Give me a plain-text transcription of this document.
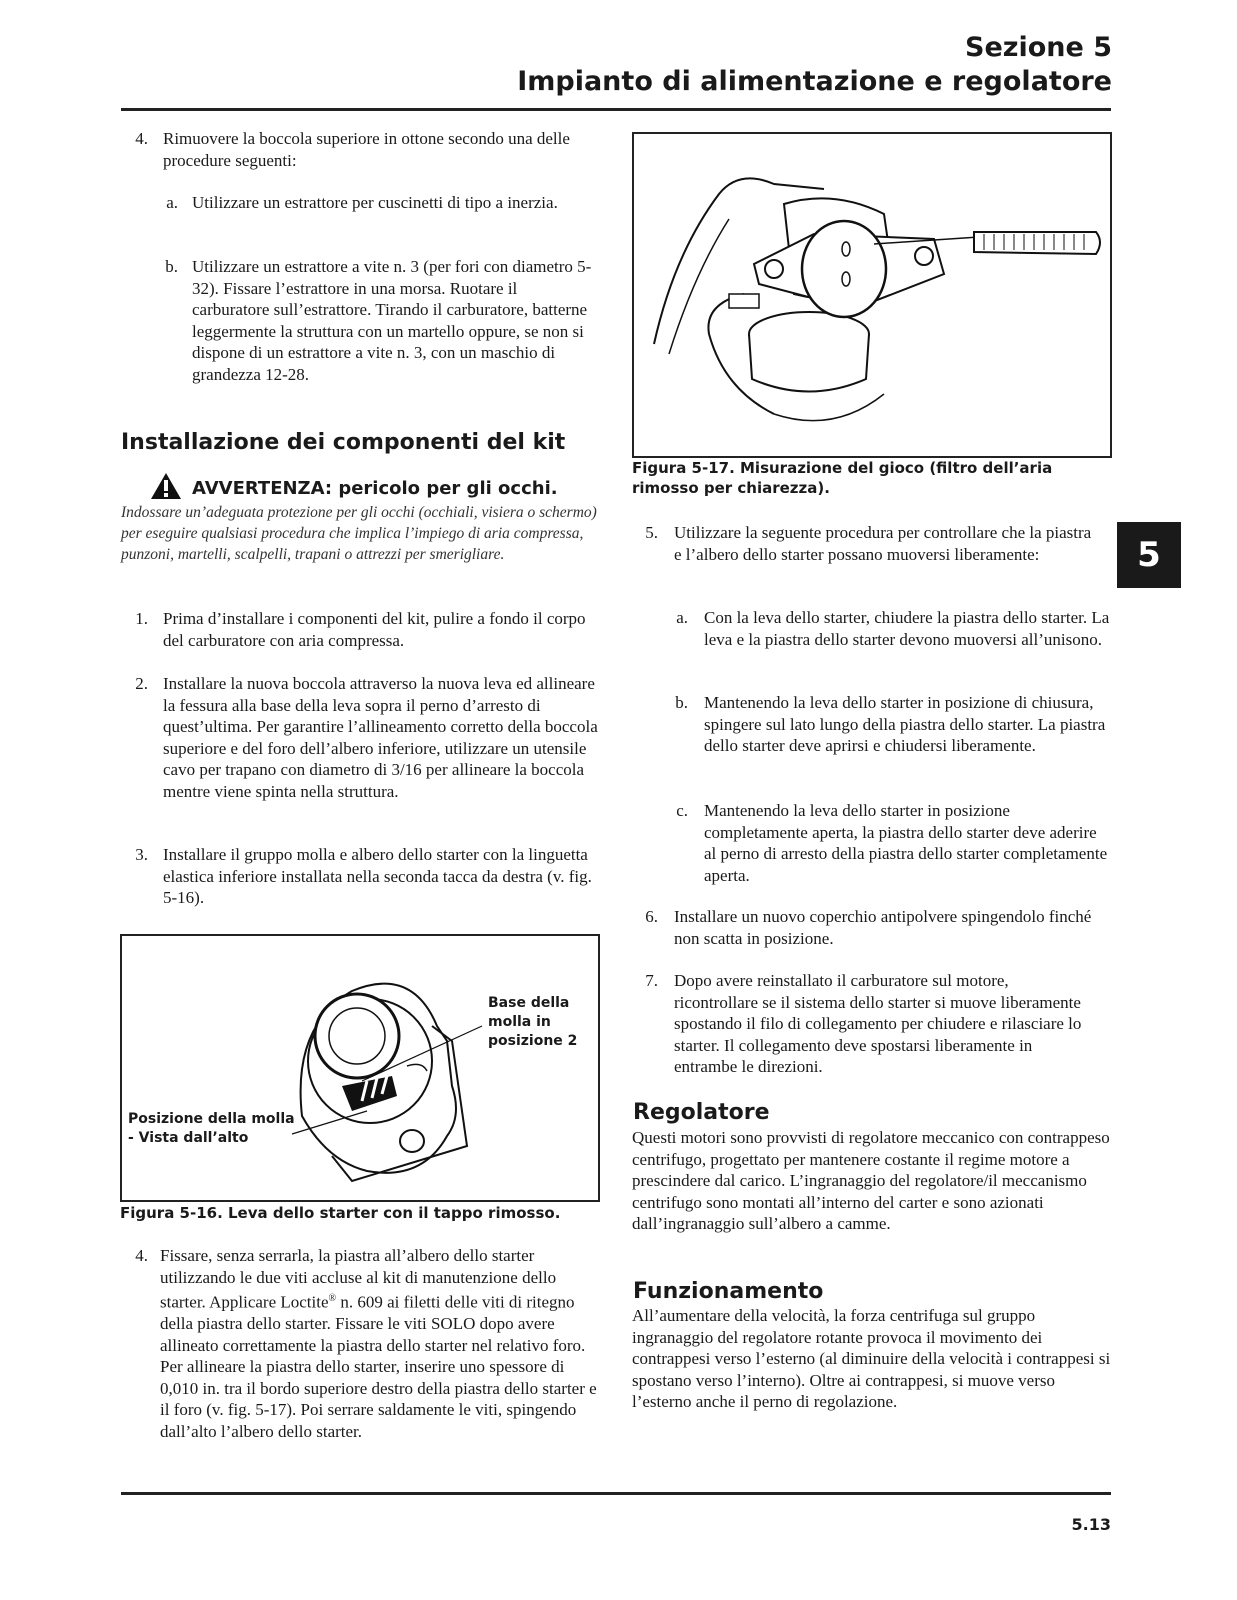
Sezione 5
Impianto di alimentazione e regolatore
4. Rimuovere la boccola superiore in ottone secondo una delle procedure seguenti:
a. Utilizzare un estrattore per cuscinetti di tipo a inerzia.
b. Utilizzare un estrattore a vite n. 3 (per fori con diametro 5-32). Fissare l’estrattore in una morsa. Ruotare il carburatore sull’estrattore. Tirando il carburatore, batterne leggermente la struttura con un martello oppure, se non si dispone di un estrattore a vite n. 3, con un maschio di grandezza 12-28.
Installazione dei componenti del kit
AVVERTENZA: pericolo per gli occhi.
Indossare un’adeguata protezione per gli occhi (occhiali, visiera o schermo) per eseguire qualsiasi procedura che implica l’impiego di aria compressa, punzoni, martelli, scalpelli, trapani o attrezzi per smerigliare.
1. Prima d’installare i componenti del kit, pulire a fondo il corpo del carburatore con aria compressa.
2. Installare la nuova boccola attraverso la nuova leva ed allineare la fessura alla base della leva sopra il perno d’arresto di quest’ultima. Per garantire l’allineamento corretto della boccola superiore e del foro dell’albero inferiore, utilizzare un utensile cavo per trapano con diametro di 3/16 per allineare la boccola mentre viene spinta nella struttura.
3. Installare il gruppo molla e albero dello starter con la linguetta elastica inferiore installata nella seconda tacca da destra (v. fig. 5-16).
Base della molla in posizione 2
Posizione della molla - Vista dall’alto
Figura 5-16. Leva dello starter con il tappo rimosso.
4. Fissare, senza serrarla, la piastra all’albero dello starter utilizzando le due viti accluse al kit di manutenzione dello starter. Applicare Loctite® n. 609 ai filetti delle viti di ritegno della piastra dello starter. Fissare le viti SOLO dopo avere allineato correttamente la piastra dello starter nel relativo foro. Per allineare la piastra dello starter, inserire uno spessore di 0,010 in. tra il bordo superiore destro della piastra dello starter e il foro (v. fig. 5-17). Poi serrare saldamente le viti, spingendo dall’alto l’albero dello starter.
Figura 5-17. Misurazione del gioco (filtro dell’aria rimosso per chiarezza).
5. Utilizzare la seguente procedura per controllare che la piastra e l’albero dello starter possano muoversi liberamente:
a. Con la leva dello starter, chiudere la piastra dello starter. La leva e la piastra dello starter devono muoversi all’unisono.
b. Mantenendo la leva dello starter in posizione di chiusura, spingere sul lato lungo della piastra dello starter. La piastra dello starter deve aprirsi e chiudersi liberamente.
c. Mantenendo la leva dello starter in posizione completamente aperta, la piastra dello starter deve aderire al perno di arresto della piastra dello starter completamente aperta.
6. Installare un nuovo coperchio antipolvere spingendolo finché non scatta in posizione.
7. Dopo avere reinstallato il carburatore sul motore, ricontrollare se il sistema dello starter si muove liberamente spostando il filo di collegamento per chiudere e rilasciare lo starter. Il collegamento deve spostarsi liberamente in entrambe le direzioni.
Regolatore
Questi motori sono provvisti di regolatore meccanico con contrappeso centrifugo, progettato per mantenere costante il regime motore a prescindere dal carico. L’ingranaggio del regolatore/il meccanismo centrifugo sono montati all’interno del carter e sono azionati dall’ingranaggio sull’albero a camme.
Funzionamento
All’aumentare della velocità, la forza centrifuga sul gruppo ingranaggio del regolatore rotante provoca il movimento dei contrappesi verso l’esterno (al diminuire della velocità i contrappesi si spostano verso l’interno). Oltre ai contrappesi, si muove verso l’esterno anche il perno di regolazione.
5
5.13
